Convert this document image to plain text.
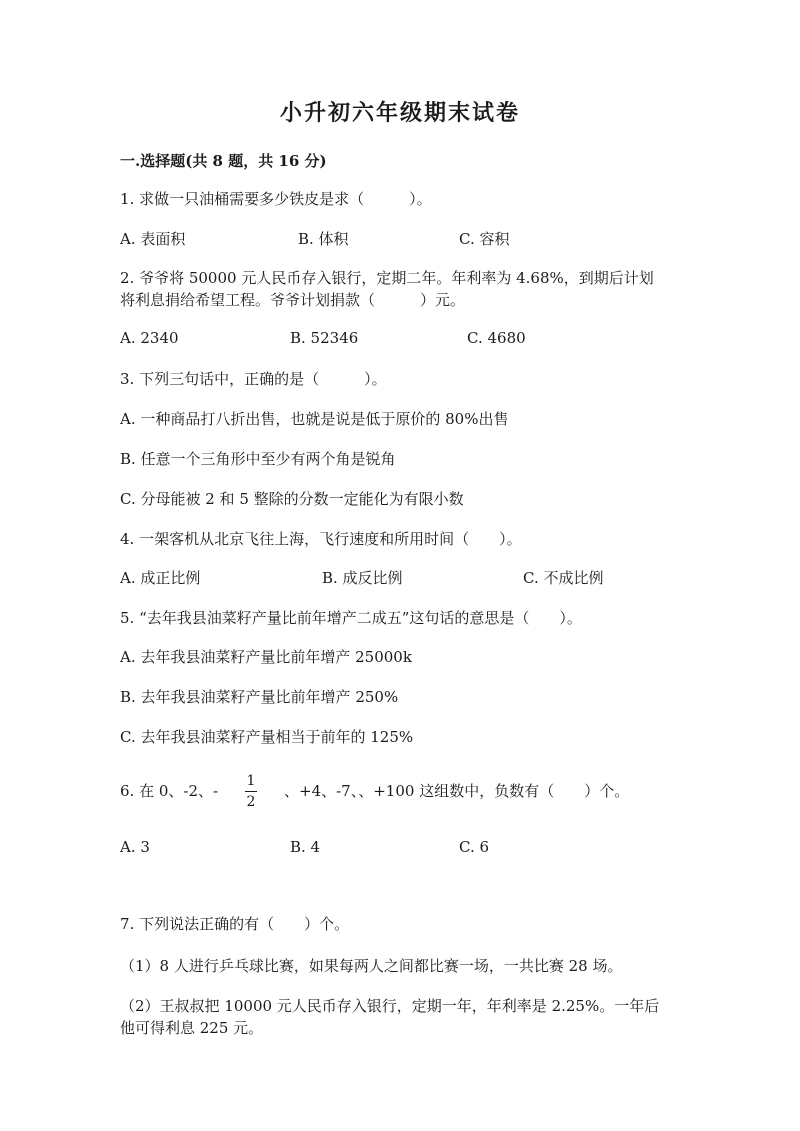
小升初六年级期末试卷
一.选择题(共 8 题，共 16 分)
1. 求做一只油桶需要多少铁皮是求（　　　）。
A. 表面积	B. 体积	C. 容积
2. 爷爷将 50000 元人民币存入银行，定期二年。年利率为 4.68%，到期后计划
将利息捐给希望工程。爷爷计划捐款（　　　）元。
A. 2340	B. 52346	C. 4680
3. 下列三句话中，正确的是（　　　）。
A. 一种商品打八折出售，也就是说是低于原价的 80%出售
B. 任意一个三角形中至少有两个角是锐角
C. 分母能被 2 和 5 整除的分数一定能化为有限小数
4. 一架客机从北京飞往上海，飞行速度和所用时间（　　）。
A. 成正比例	B. 成反比例	C. 不成比例
5. “去年我县油菜籽产量比前年增产二成五”这句话的意思是（　　）。
A. 去年我县油菜籽产量比前年增产 25000k
B. 去年我县油菜籽产量比前年增产 250%
C. 去年我县油菜籽产量相当于前年的 125%
6. 在 0、-2、-
1
2
、+4、-7、、+100 这组数中，负数有（　　）个。
A. 3	B. 4	C. 6
7. 下列说法正确的有（　　）个。
（1）8 人进行乒乓球比赛，如果每两人之间都比赛一场，一共比赛 28 场。
（2）王叔叔把 10000 元人民币存入银行，定期一年，年利率是 2.25%。一年后
他可得利息 225 元。
